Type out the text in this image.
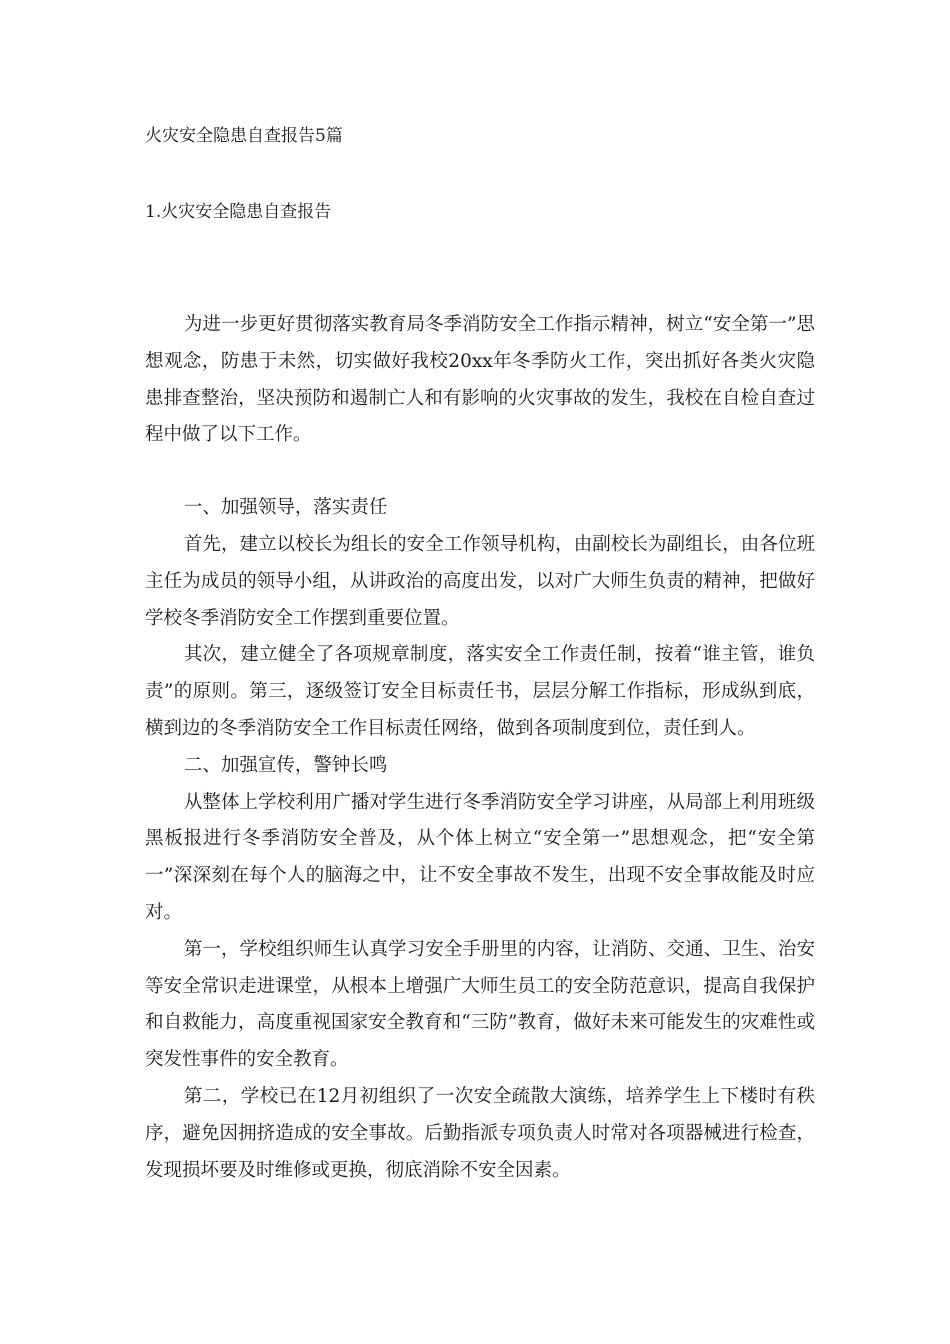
火灾安全隐患自查报告5篇
1.火灾安全隐患自查报告

为进一步更好贯彻落实教育局冬季消防安全工作指示精神，树立“安全第一”思想观念，防患于未然，切实做好我校20xx年冬季防火工作，突出抓好各类火灾隐患排查整治，坚决预防和遏制亡人和有影响的火灾事故的发生，我校在自检自查过程中做了以下工作。

一、加强领导，落实责任

首先，建立以校长为组长的安全工作领导机构，由副校长为副组长，由各位班主任为成员的领导小组，从讲政治的高度出发，以对广大师生负责的精神，把做好学校冬季消防安全工作摆到重要位置。

其次，建立健全了各项规章制度，落实安全工作责任制，按着“谁主管，谁负责”的原则。第三，逐级签订安全目标责任书，层层分解工作指标，形成纵到底，横到边的冬季消防安全工作目标责任网络，做到各项制度到位，责任到人。

二、加强宣传，警钟长鸣

从整体上学校利用广播对学生进行冬季消防安全学习讲座，从局部上利用班级黑板报进行冬季消防安全普及，从个体上树立“安全第一”思想观念，把“安全第一”深深刻在每个人的脑海之中，让不安全事故不发生，出现不安全事故能及时应对。

第一，学校组织师生认真学习安全手册里的内容，让消防、交通、卫生、治安等安全常识走进课堂，从根本上增强广大师生员工的安全防范意识，提高自我保护和自救能力，高度重视国家安全教育和“三防”教育，做好未来可能发生的灾难性或突发性事件的安全教育。

第二，学校已在12月初组织了一次安全疏散大演练，培养学生上下楼时有秩序，避免因拥挤造成的安全事故。后勤指派专项负责人时常对各项器械进行检查，发现损坏要及时维修或更换，彻底消除不安全因素。
